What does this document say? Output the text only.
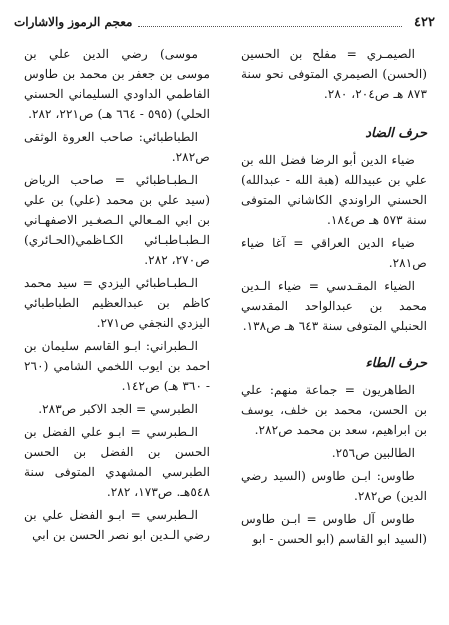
٤٢٢
معجم الرموز والاشارات

الصيمـري = مفلح بن الحسين (الحسن) الصيمري المتوفى نحو سنة ٨٧٣ هـ ص٢٠٤، ٢٨٠.

حرف الضاد

ضياء الدين أبو الرضا فضل الله بن علي بن عبيدالله (هبة الله - عبدالله) الحسني الراوندي الكاشاني المتوفى سنة ٥٧٣ هـ ص١٨٤.

ضياء الدين العراقي = آغا ضياء ص٢٨١.

الضياء المقـدسي = ضياء الـدين محمد بن عبدالواحد المقدسي الحنبلي المتوفى سنة ٦٤٣ هـ ص١٣٨.

حرف الطاء

الطاهريون = جماعة منهم: علي بن الحسن، محمد بن خلف، يوسف بن ابراهيم، سعد بن محمد ص٢٨٢.

الطالبين ص٢٥٦.

طاوس: ابـن طاوس (السيد رضي الدين) ص٢٨٢.

طاوس آل طاوس = ابـن طاوس (السيد ابو القاسم (ابو الحسن - ابو

موسى) رضي الدين علي بن موسى بن جعفر بن محمد بن طاوس الفاطمي الداودي السليماني الحسني الحلي) (٥٩٥ - ٦٦٤ هـ) ص٢٢١، ٢٨٢.

الطباطبائي: صاحب العروة الوثقى ص٢٨٢.

الـطبـاطبائي = صاحب الرياض (سيد علي بن محمد (علي) بن علي بن ابي المـعالي الـصغـير الاصفهـاني الـطبـاطبـائي الكـاظمي(الحـائري) ص٢٧٠، ٢٨٢.

الـطبـاطبائي اليزدي = سيد محمد كاظم بن عبدالعظيم الطباطبائي اليزدي النجفي ص٢٧١.

الـطبراني: ابـو القاسم سليمان بن احمد بن ايوب اللخمي الشامي (٢٦٠ - ٣٦٠ هـ) ص١٤٢.

الطبرسي = الجد الاكبر ص٢٨٣.

الـطبرسي = ابـو علي الفضل بن الحسن بن الفضل بن الحسن الطبرسي المشهدي المتوفى سنة ٥٤٨هـ. ص١٧٣، ٢٨٢.

الـطبرسي = ابـو الفضل علي بن رضي الـدين ابو نصر الحسن بن ابي
